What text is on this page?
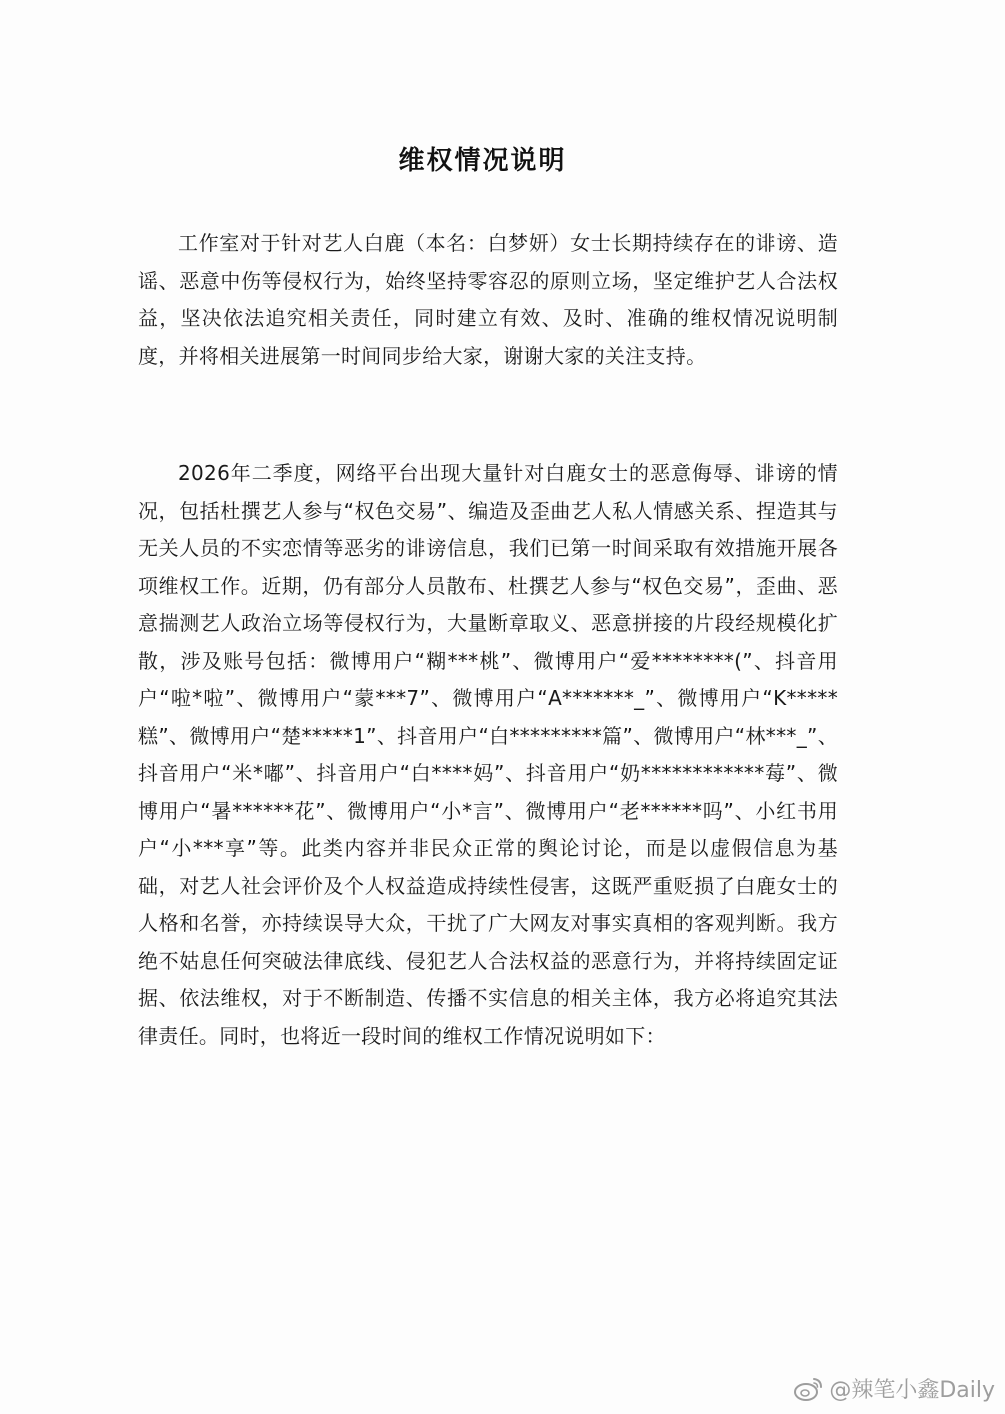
维权情况说明
工作室对于针对艺人白鹿（本名：白梦妍）女士长期持续存在的诽谤、造谣、恶意中伤等侵权行为，始终坚持零容忍的原则立场，坚定维护艺人合法权益，坚决依法追究相关责任，同时建立有效、及时、准确的维权情况说明制度，并将相关进展第一时间同步给大家，谢谢大家的关注支持。
2026年二季度，网络平台出现大量针对白鹿女士的恶意侮辱、诽谤的情况，包括杜撰艺人参与“权色交易”、编造及歪曲艺人私人情感关系、捏造其与无关人员的不实恋情等恶劣的诽谤信息，我们已第一时间采取有效措施开展各项维权工作。近期，仍有部分人员散布、杜撰艺人参与“权色交易”，歪曲、恶意揣测艺人政治立场等侵权行为，大量断章取义、恶意拼接的片段经规模化扩散，涉及账号包括：微博用户“糊***桃”、微博用户“爱********(”、抖音用户“啦*啦”、微博用户“蒙***7”、微博用户“A*******_”、微博用户“K*****糕”、微博用户“楚*****1”、抖音用户“白*********篇”、微博用户“林***_”、抖音用户“米*嘟”、抖音用户“白****妈”、抖音用户“奶************莓”、微博用户“暑******花”、微博用户“小*言”、微博用户“老******吗”、小红书用户“小***享”等。此类内容并非民众正常的舆论讨论，而是以虚假信息为基础，对艺人社会评价及个人权益造成持续性侵害，这既严重贬损了白鹿女士的人格和名誉，亦持续误导大众，干扰了广大网友对事实真相的客观判断。我方绝不姑息任何突破法律底线、侵犯艺人合法权益的恶意行为，并将持续固定证据、依法维权，对于不断制造、传播不实信息的相关主体，我方必将追究其法律责任。同时，也将近一段时间的维权工作情况说明如下：
@辣笔小鑫Daily
